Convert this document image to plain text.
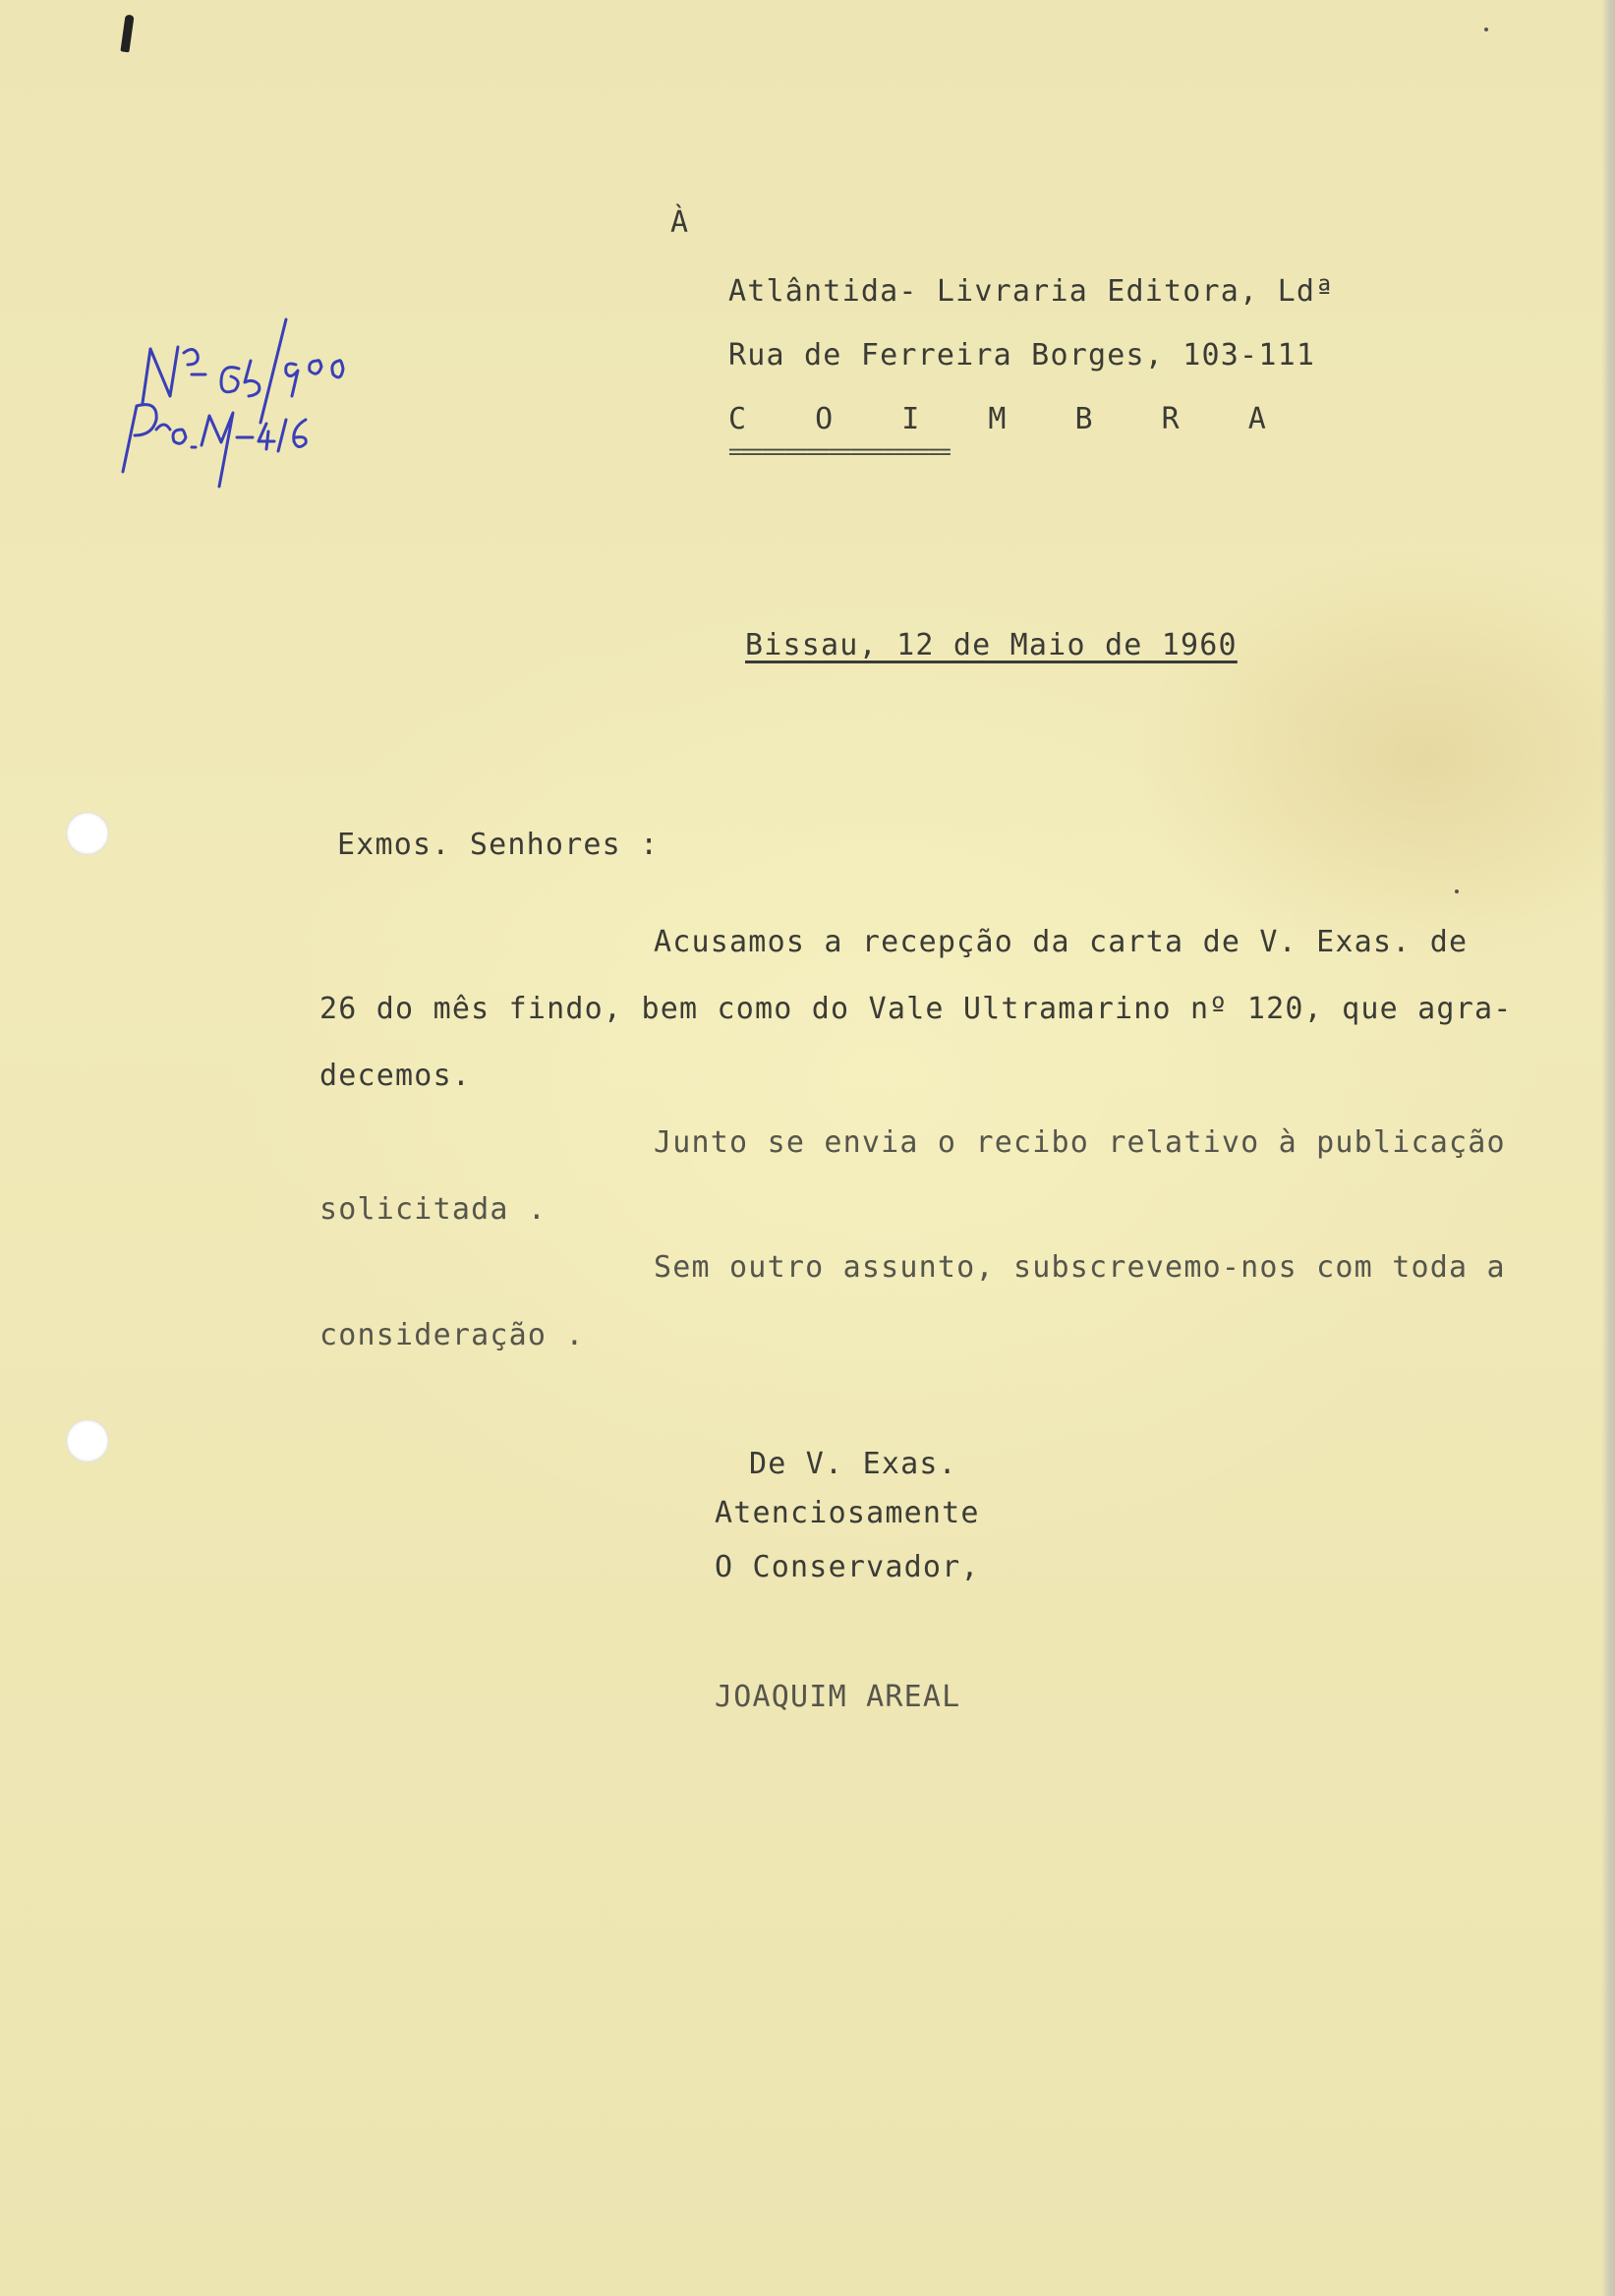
À
Atlântida- Livraria Editora, Ldª
Rua de Ferreira Borges, 103-111
C O I M B R A
====================
Bissau, 12 de Maio de 1960
Exmos. Senhores :
Acusamos a recepção da carta de V. Exas. de
26 do mês findo, bem como do Vale Ultramarino nº 120, que agra-
decemos.
Junto se envia o recibo relativo à publicação
solicitada .
Sem outro assunto, subscrevemo-nos com toda a
consideração .
De V. Exas.
Atenciosamente
O Conservador,
JOAQUIM AREAL
